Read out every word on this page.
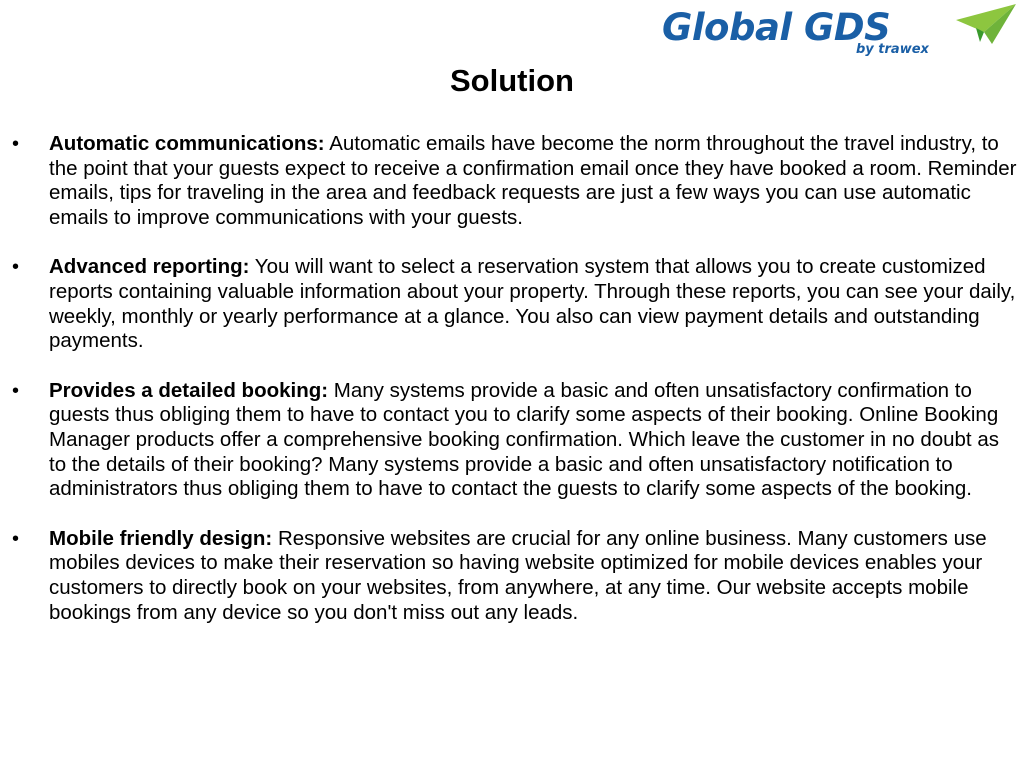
Global GDS
by trawex
Solution
•	Automatic communications: Automatic emails have become the norm throughout the travel industry, to the point that your guests expect to receive a confirmation email once they have booked a room. Reminder emails, tips for traveling in the area and feedback requests are just a few ways you can use automatic emails to improve communications with your guests.
•	Advanced reporting: You will want to select a reservation system that allows you to create customized reports containing valuable information about your property. Through these reports, you can see your daily, weekly, monthly or yearly performance at a glance. You also can view payment details and outstanding payments.
•	Provides a detailed booking: Many systems provide a basic and often unsatisfactory confirmation to guests thus obliging them to have to contact you to clarify some aspects of their booking. Online Booking Manager products offer a comprehensive booking confirmation. Which leave the customer in no doubt as to the details of their booking? Many systems provide a basic and often unsatisfactory notification to administrators thus obliging them to have to contact the guests to clarify some aspects of the booking.
•	Mobile friendly design: Responsive websites are crucial for any online business. Many customers use mobiles devices to make their reservation so having website optimized for mobile devices enables your customers to directly book on your websites, from anywhere, at any time. Our website accepts mobile bookings from any device so you don't miss out any leads.
